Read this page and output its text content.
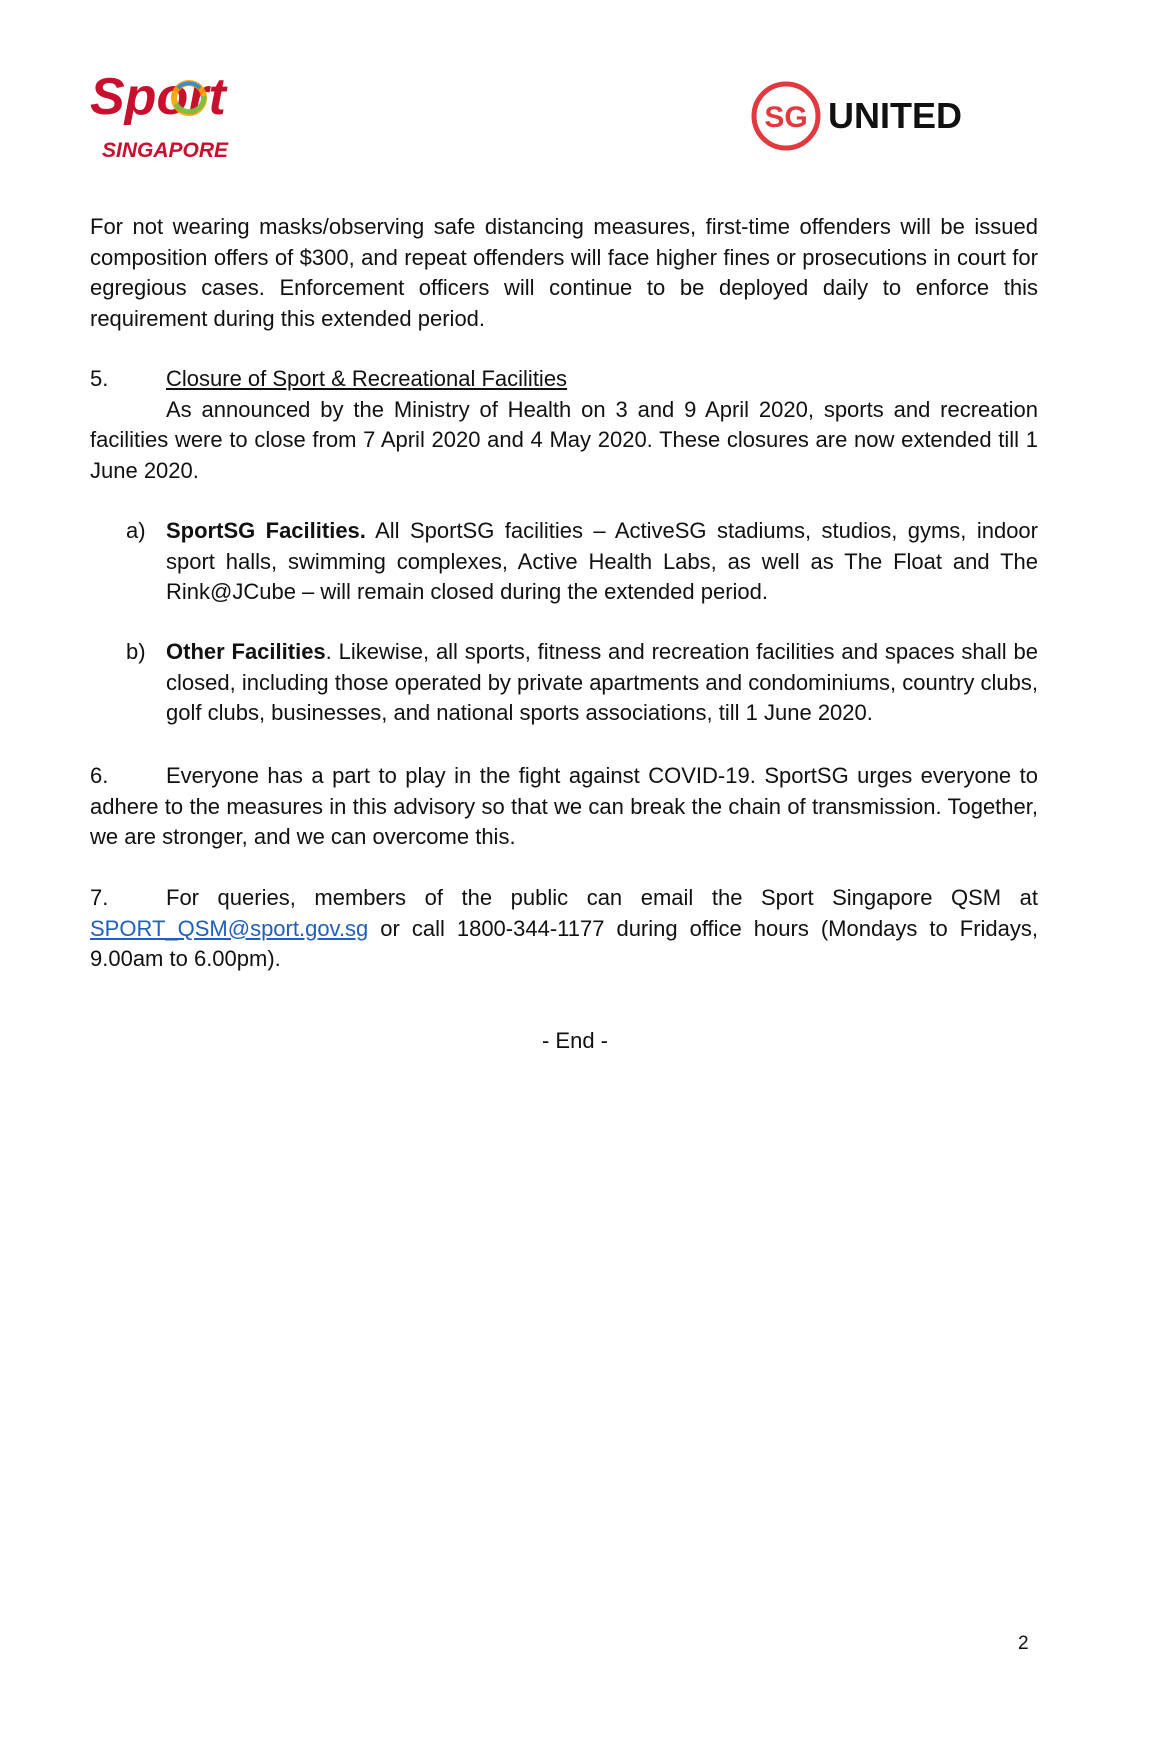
Sport
SINGAPORE
SG UNITED

For not wearing masks/observing safe distancing measures, first-time offenders will be issued composition offers of $300, and repeat offenders will face higher fines or prosecutions in court for egregious cases. Enforcement officers will continue to be deployed daily to enforce this requirement during this extended period.

5.	Closure of Sport & Recreational Facilities

As announced by the Ministry of Health on 3 and 9 April 2020, sports and recreation facilities were to close from 7 April 2020 and 4 May 2020. These closures are now extended till 1 June 2020.

a) SportSG Facilities. All SportSG facilities – ActiveSG stadiums, studios, gyms, indoor sport halls, swimming complexes, Active Health Labs, as well as The Float and The Rink@JCube – will remain closed during the extended period.

b) Other Facilities. Likewise, all sports, fitness and recreation facilities and spaces shall be closed, including those operated by private apartments and condominiums, country clubs, golf clubs, businesses, and national sports associations, till 1 June 2020.

6.	Everyone has a part to play in the fight against COVID-19. SportSG urges everyone to adhere to the measures in this advisory so that we can break the chain of transmission. Together, we are stronger, and we can overcome this.

7.	For queries, members of the public can email the Sport Singapore QSM at SPORT_QSM@sport.gov.sg or call 1800-344-1177 during office hours (Mondays to Fridays, 9.00am to 6.00pm).

- End -
2
